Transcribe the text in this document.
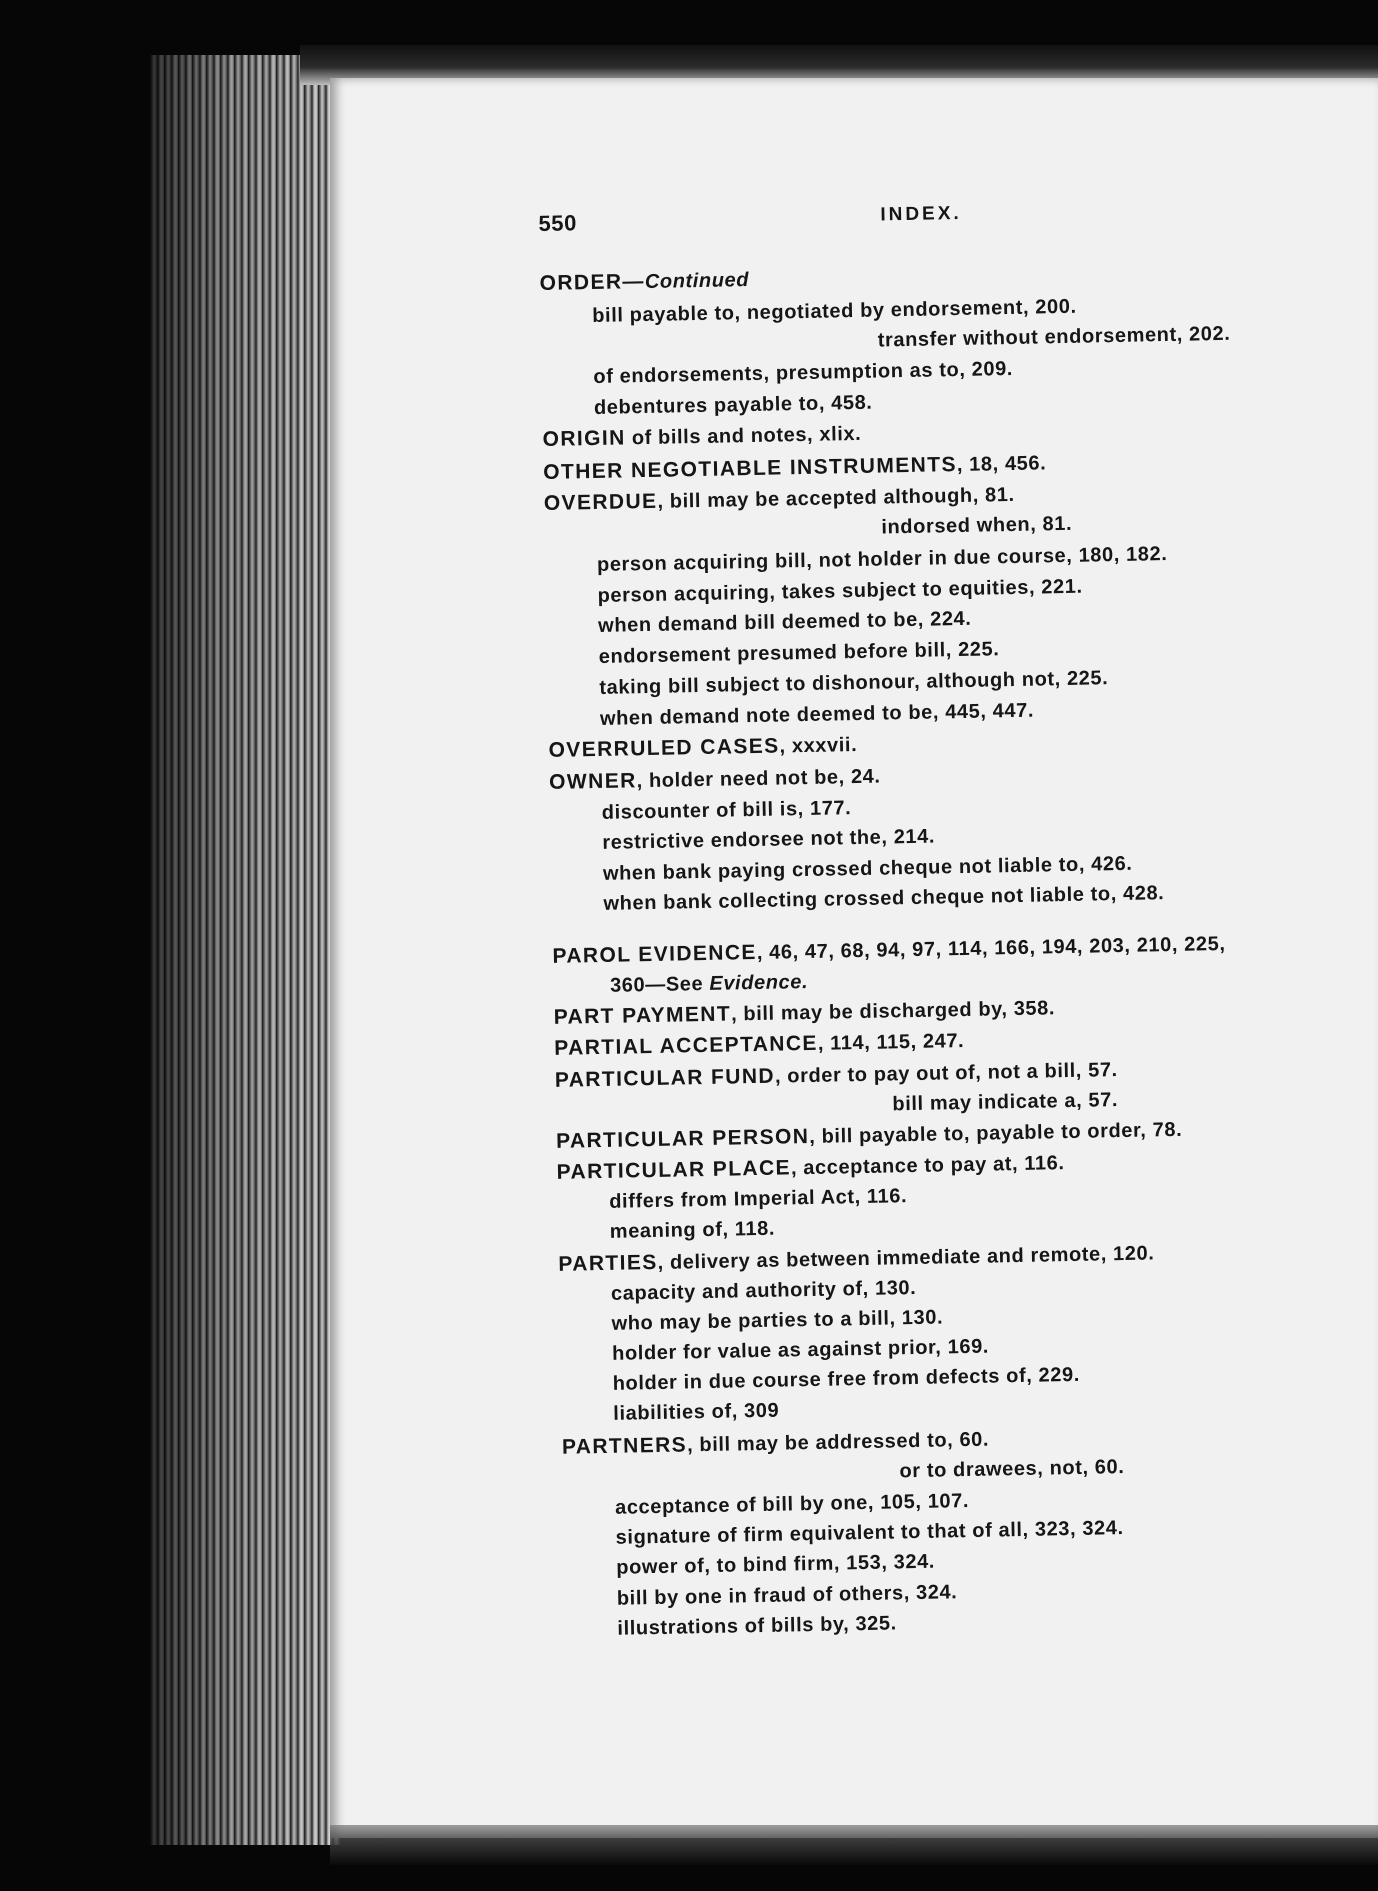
550	INDEX.
ORDER—Continued
bill payable to, negotiated by endorsement, 200.
transfer without endorsement, 202.
of endorsements, presumption as to, 209.
debentures payable to, 458.
ORIGIN of bills and notes, xlix.
OTHER NEGOTIABLE INSTRUMENTS, 18, 456.
OVERDUE, bill may be accepted although, 81.
indorsed when, 81.
person acquiring bill, not holder in due course, 180, 182.
person acquiring, takes subject to equities, 221.
when demand bill deemed to be, 224.
endorsement presumed before bill, 225.
taking bill subject to dishonour, although not, 225.
when demand note deemed to be, 445, 447.
OVERRULED CASES, xxxvii.
OWNER, holder need not be, 24.
discounter of bill is, 177.
restrictive endorsee not the, 214.
when bank paying crossed cheque not liable to, 426.
when bank collecting crossed cheque not liable to, 428.
PAROL EVIDENCE, 46, 47, 68, 94, 97, 114, 166, 194, 203, 210, 225,
360—See Evidence.
PART PAYMENT, bill may be discharged by, 358.
PARTIAL ACCEPTANCE, 114, 115, 247.
PARTICULAR FUND, order to pay out of, not a bill, 57.
bill may indicate a, 57.
PARTICULAR PERSON, bill payable to, payable to order, 78.
PARTICULAR PLACE, acceptance to pay at, 116.
differs from Imperial Act, 116.
meaning of, 118.
PARTIES, delivery as between immediate and remote, 120.
capacity and authority of, 130.
who may be parties to a bill, 130.
holder for value as against prior, 169.
holder in due course free from defects of, 229.
liabilities of, 309
PARTNERS, bill may be addressed to, 60.
or to drawees, not, 60.
acceptance of bill by one, 105, 107.
signature of firm equivalent to that of all, 323, 324.
power of, to bind firm, 153, 324.
bill by one in fraud of others, 324.
illustrations of bills by, 325.
